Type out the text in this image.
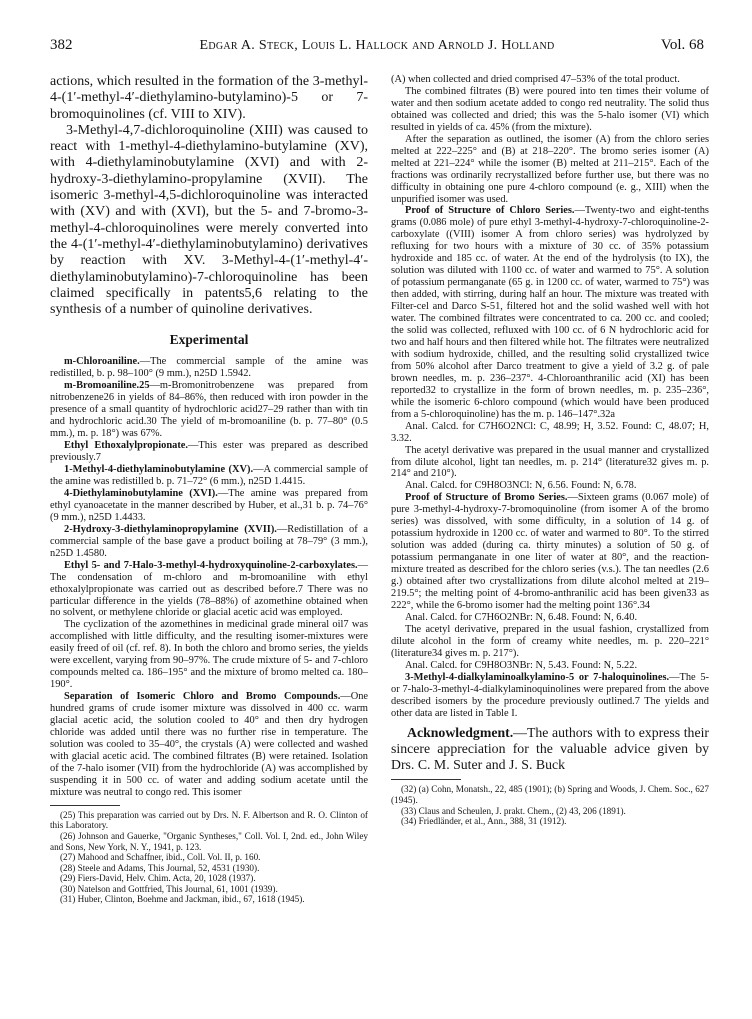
382	Edgar A. Steck, Louis L. Hallock and Arnold J. Holland	Vol. 68

actions, which resulted in the formation of the 3-methyl-4-(1′-methyl-4′-diethylamino-butylamino)-5 or 7-bromoquinolines (cf. VIII to XIV).

3-Methyl-4,7-dichloroquinoline (XIII) was caused to react with 1-methyl-4-diethylamino-butylamine (XV), with 4-diethylaminobutylamine (XVI) and with 2-hydroxy-3-diethylamino-propylamine (XVII). The isomeric 3-methyl-4,5-dichloroquinoline was interacted with (XV) and with (XVI), but the 5- and 7-bromo-3-methyl-4-chloroquinolines were merely converted into the 4-(1′-methyl-4′-diethylaminobutylamino) derivatives by reaction with XV. 3-Methyl-4-(1′-methyl-4′-diethylaminobutylamino)-7-chloroquinoline has been claimed specifically in patents5,6 relating to the synthesis of a number of quinoline derivatives.

Experimental

m-Chloroaniline.—The commercial sample of the amine was redistilled, b. p. 98–100° (9 mm.), n25D 1.5942.

m-Bromoaniline.25—m-Bromonitrobenzene was prepared from nitrobenzene26 in yields of 84–86%, then reduced with iron powder in the presence of a small quantity of hydrochloric acid27–29 rather than with tin and hydrochloric acid.30 The yield of m-bromoaniline (b. p. 77–80° (0.5 mm.), m. p. 18°) was 67%.

Ethyl Ethoxalylpropionate.—This ester was prepared as described previously.7

1-Methyl-4-diethylaminobutylamine (XV).—A commercial sample of the amine was redistilled b. p. 71–72° (6 mm.), n25D 1.4415.

4-Diethylaminobutylamine (XVI).—The amine was prepared from ethyl cyanoacetate in the manner described by Huber, et al.,31 b. p. 74–76° (9 mm.), n25D 1.4433.

2-Hydroxy-3-diethylaminopropylamine (XVII).—Redistillation of a commercial sample of the base gave a product boiling at 78–79° (3 mm.), n25D 1.4580.

Ethyl 5- and 7-Halo-3-methyl-4-hydroxyquinoline-2-carboxylates.—The condensation of m-chloro and m-bromoaniline with ethyl ethoxalylpropionate was carried out as described before.7 There was no particular difference in the yields (78–88%) of azomethine obtained when no solvent, or methylene chloride or glacial acetic acid was employed.

The cyclization of the azomethines in medicinal grade mineral oil7 was accomplished with little difficulty, and the resulting isomer-mixtures were easily freed of oil (cf. ref. 8). In both the chloro and bromo series, the yields were excellent, varying from 90–97%. The crude mixture of 5- and 7-chloro compounds melted ca. 186–195° and the mixture of bromo melted ca. 180–190°.

Separation of Isomeric Chloro and Bromo Compounds.—One hundred grams of crude isomer mixture was dissolved in 400 cc. warm glacial acetic acid, the solution cooled to 40° and then dry hydrogen chloride was added until there was no further rise in temperature. The solution was cooled to 35–40°, the crystals (A) were collected and washed with glacial acetic acid. The combined filtrates (B) were retained. Isolation of the 7-halo isomer (VII) from the hydrochloride (A) was accomplished by suspending it in 500 cc. of water and adding sodium acetate until the mixture was neutral to congo red. This isomer

(25) This preparation was carried out by Drs. N. F. Albertson and R. O. Clinton of this Laboratory.

(26) Johnson and Gauerke, "Organic Syntheses," Coll. Vol. I, 2nd. ed., John Wiley and Sons, New York, N. Y., 1941, p. 123.

(27) Mahood and Schaffner, ibid., Coll. Vol. II, p. 160.

(28) Steele and Adams, This Journal, 52, 4531 (1930).

(29) Fiers-David, Helv. Chim. Acta, 20, 1028 (1937).

(30) Natelson and Gottfried, This Journal, 61, 1001 (1939).

(31) Huber, Clinton, Boehme and Jackman, ibid., 67, 1618 (1945).

(A) when collected and dried comprised 47–53% of the total product.

The combined filtrates (B) were poured into ten times their volume of water and then sodium acetate added to congo red neutrality. The solid thus obtained was collected and dried; this was the 5-halo isomer (VI) which resulted in yields of ca. 45% (from the mixture).

After the separation as outlined, the isomer (A) from the chloro series melted at 222–225° and (B) at 218–220°. The bromo series isomer (A) melted at 221–224° while the isomer (B) melted at 211–215°. Each of the fractions was ordinarily recrystallized before further use, but there was no difficulty in obtaining one pure 4-chloro compound (e. g., XIII) when the unpurified isomer was used.

Proof of Structure of Chloro Series.—Twenty-two and eight-tenths grams (0.086 mole) of pure ethyl 3-methyl-4-hydroxy-7-chloroquinoline-2-carboxylate ((VIII) isomer A from chloro series) was hydrolyzed by refluxing for two hours with a mixture of 30 cc. of 35% potassium hydroxide and 185 cc. of water. At the end of the hydrolysis (to IX), the solution was diluted with 1100 cc. of water and warmed to 75°. A solution of potassium permanganate (65 g. in 1200 cc. of water, warmed to 75°) was then added, with stirring, during half an hour. The mixture was treated with Filter-cel and Darco S-51, filtered hot and the solid washed well with hot water. The combined filtrates were concentrated to ca. 200 cc. and cooled; the solid was collected, refluxed with 100 cc. of 6 N hydrochloric acid for two and half hours and then filtered while hot. The filtrates were neutralized with sodium hydroxide, chilled, and the resulting solid crystallized twice from 50% alcohol after Darco treatment to give a yield of 3.2 g. of pale brown needles, m. p. 236–237°. 4-Chloroanthranilic acid (XI) has been reported32 to crystallize in the form of brown needles, m. p. 235–236°, while the isomeric 6-chloro compound (which would have been produced from a 5-chloroquinoline) has the m. p. 146–147°.32a

Anal. Calcd. for C7H6O2NCl: C, 48.99; H, 3.52. Found: C, 48.07; H, 3.32.

The acetyl derivative was prepared in the usual manner and crystallized from dilute alcohol, light tan needles, m. p. 214° (literature32 gives m. p. 214° and 210°).

Anal. Calcd. for C9H8O3NCl: N, 6.56. Found: N, 6.78.

Proof of Structure of Bromo Series.—Sixteen grams (0.067 mole) of pure 3-methyl-4-hydroxy-7-bromoquinoline (from isomer A of the bromo series) was dissolved, with some difficulty, in a solution of 14 g. of potassium hydroxide in 1200 cc. of water and warmed to 80°. To the stirred solution was added (during ca. thirty minutes) a solution of 50 g. of potassium permanganate in one liter of water at 80°, and the reaction-mixture treated as described for the chloro series (v.s.). The tan needles (2.6 g.) obtained after two crystallizations from dilute alcohol melted at 219–219.5°; the melting point of 4-bromo-anthranilic acid has been given33 as 222°, while the 6-bromo isomer had the melting point 136°.34

Anal. Calcd. for C7H6O2NBr: N, 6.48. Found: N, 6.40.

The acetyl derivative, prepared in the usual fashion, crystallized from dilute alcohol in the form of creamy white needles, m. p. 220–221° (literature34 gives m. p. 217°).

Anal. Calcd. for C9H8O3NBr: N, 5.43. Found: N, 5.22.

3-Methyl-4-dialkylaminoalkylamino-5 or 7-haloquinolines.—The 5- or 7-halo-3-methyl-4-dialkylaminoquinolines were prepared from the above described isomers by the procedure previously outlined.7 The yields and other data are listed in Table I.

Acknowledgment.—The authors with to express their sincere appreciation for the valuable advice given by Drs. C. M. Suter and J. S. Buck

(32) (a) Cohn, Monatsh., 22, 485 (1901); (b) Spring and Woods, J. Chem. Soc., 627 (1945).

(33) Claus and Scheulen, J. prakt. Chem., (2) 43, 206 (1891).

(34) Friedländer, et al., Ann., 388, 31 (1912).
